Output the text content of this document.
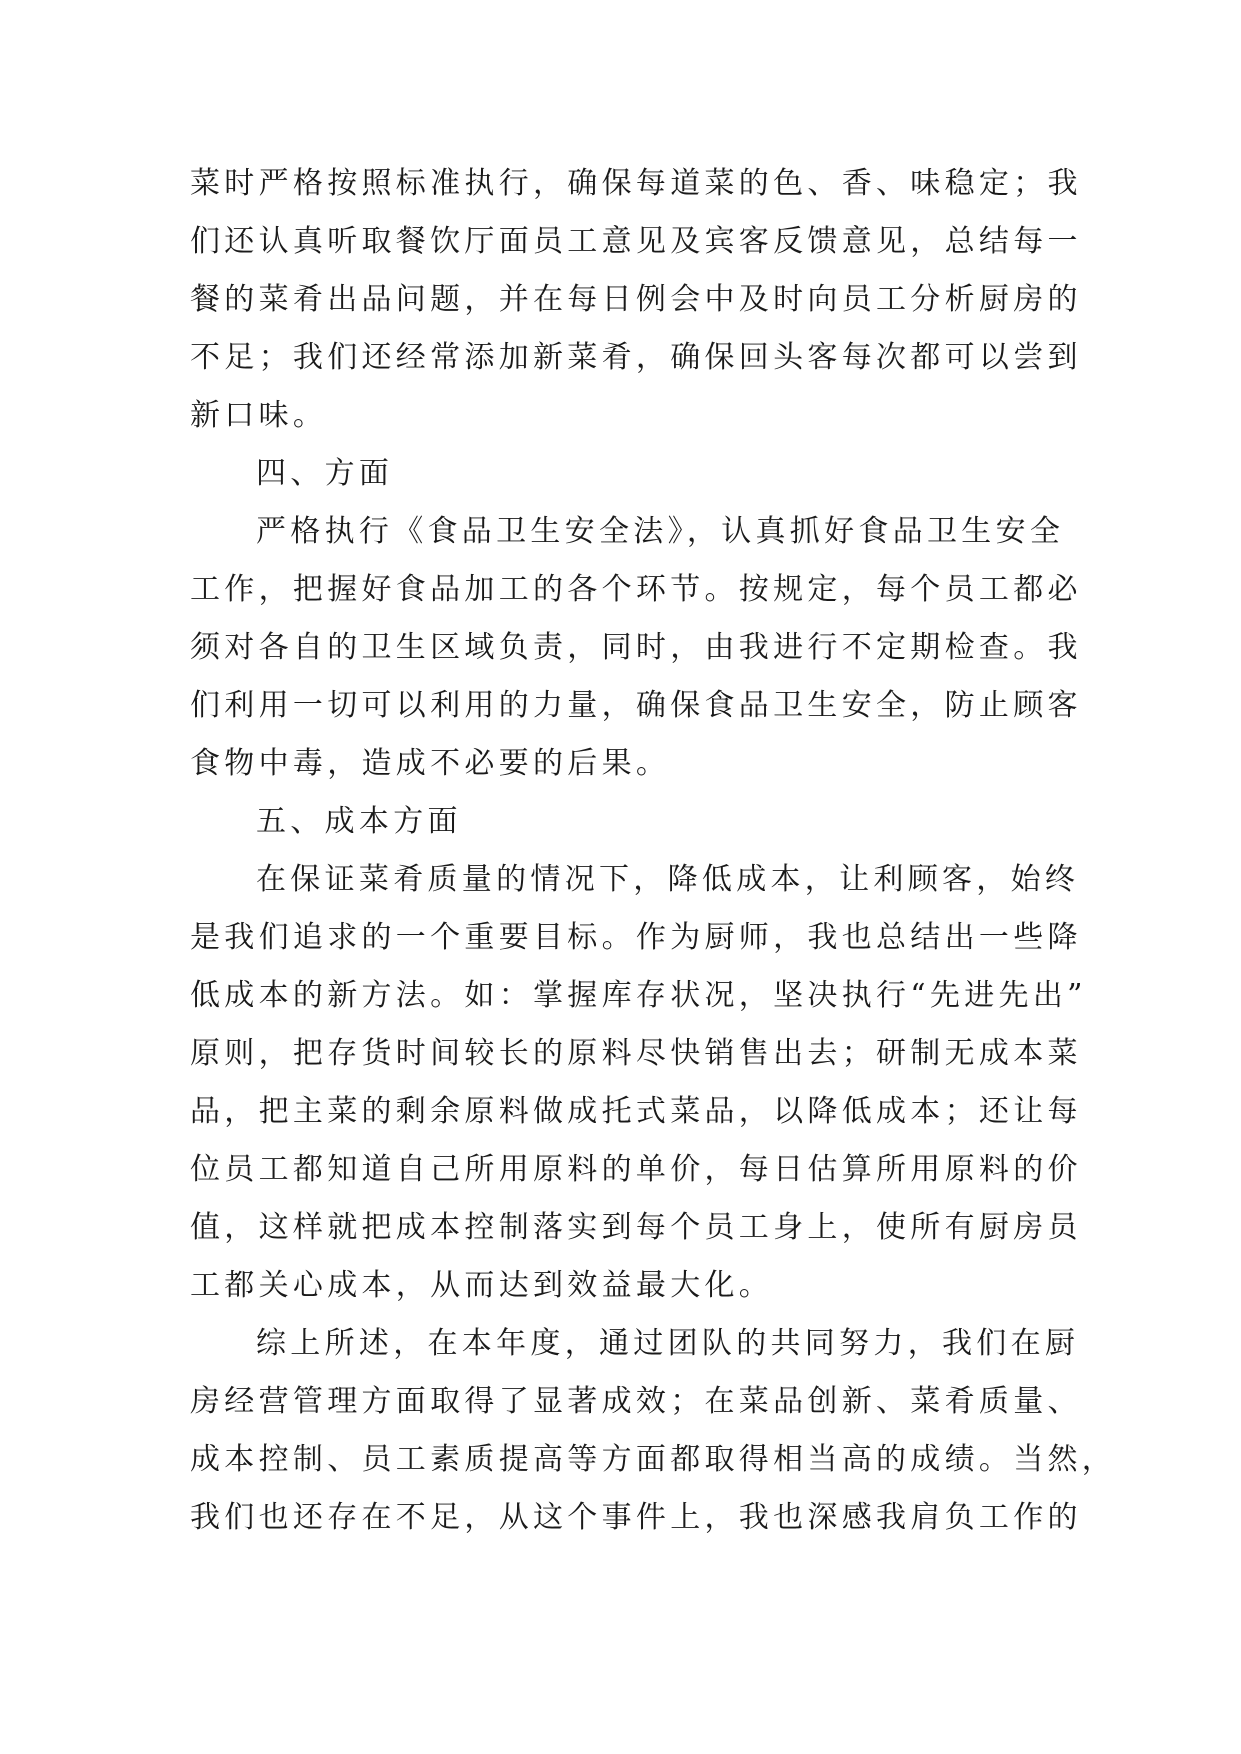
菜时严格按照标准执行，确保每道菜的色、香、味稳定；我
们还认真听取餐饮厅面员工意见及宾客反馈意见，总结每一
餐的菜肴出品问题，并在每日例会中及时向员工分析厨房的
不足；我们还经常添加新菜肴，确保回头客每次都可以尝到
新口味。
四、方面
严格执行《食品卫生安全法》，认真抓好食品卫生安全
工作，把握好食品加工的各个环节。按规定，每个员工都必
须对各自的卫生区域负责，同时，由我进行不定期检查。我
们利用一切可以利用的力量，确保食品卫生安全，防止顾客
食物中毒，造成不必要的后果。
五、成本方面
在保证菜肴质量的情况下，降低成本，让利顾客，始终
是我们追求的一个重要目标。作为厨师，我也总结出一些降
低成本的新方法。如：掌握库存状况，坚决执行“先进先出”
原则，把存货时间较长的原料尽快销售出去；研制无成本菜
品，把主菜的剩余原料做成托式菜品，以降低成本；还让每
位员工都知道自己所用原料的单价，每日估算所用原料的价
值，这样就把成本控制落实到每个员工身上，使所有厨房员
工都关心成本，从而达到效益最大化。
综上所述，在本年度，通过团队的共同努力，我们在厨
房经营管理方面取得了显著成效；在菜品创新、菜肴质量、
成本控制、员工素质提高等方面都取得相当高的成绩。当然，
我们也还存在不足，从这个事件上，我也深感我肩负工作的
